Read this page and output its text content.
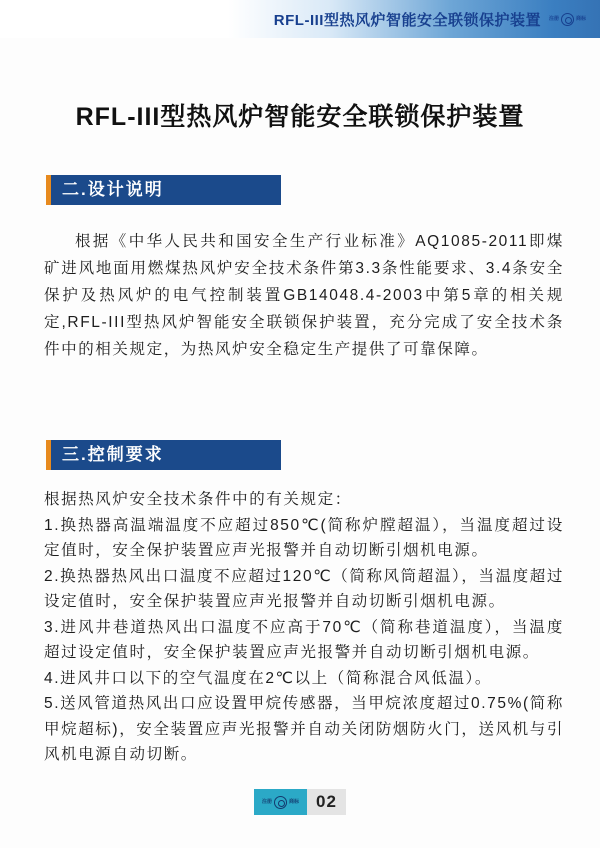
RFL-III型热风炉智能安全联锁保护装置 注册	商标
RFL-III型热风炉智能安全联锁保护装置
二.设计说明

根据《中华人民共和国安全生产行业标准》AQ1085-2011即煤矿进风地面用燃煤热风炉安全技术条件第3.3条性能要求、3.4条安全保护及热风炉的电气控制装置GB14048.4-2003中第5章的相关规定,RFL-III型热风炉智能安全联锁保护装置，充分完成了安全技术条件中的相关规定，为热风炉安全稳定生产提供了可靠保障。

三.控制要求

根据热风炉安全技术条件中的有关规定：

1.换热器高温端温度不应超过850℃(简称炉膛超温），当温度超过设定值时，安全保护装置应声光报警并自动切断引烟机电源。

2.换热器热风出口温度不应超过120℃（简称风筒超温），当温度超过设定值时，安全保护装置应声光报警并自动切断引烟机电源。

3.进风井巷道热风出口温度不应高于70℃（简称巷道温度），当温度超过设定值时，安全保护装置应声光报警并自动切断引烟机电源。

4.进风井口以下的空气温度在2℃以上（简称混合风低温）。

5.送风管道热风出口应设置甲烷传感器，当甲烷浓度超过0.75%(简称甲烷超标)，安全装置应声光报警并自动关闭防烟防火门，送风机与引风机电源自动切断。

注册	商标	02
